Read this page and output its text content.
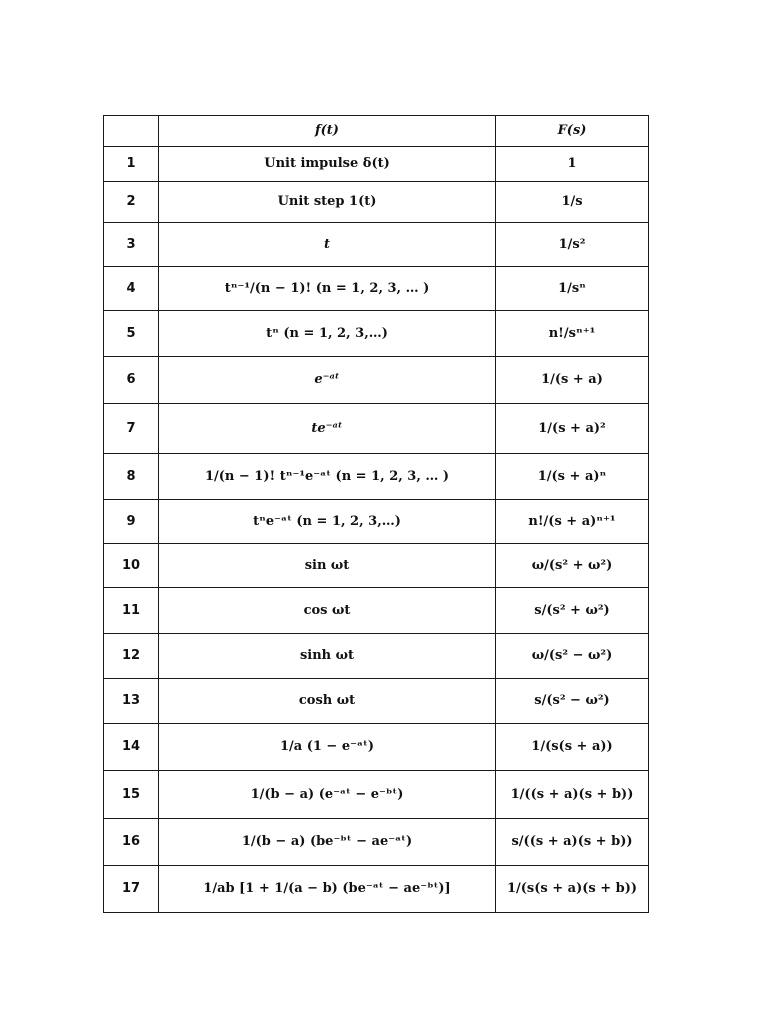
	f(t)	F(s)
1	Unit impulse δ(t)	1
2	Unit step 1(t)	1/s
3	t	1/s²
4	tⁿ⁻¹/(n − 1)! (n = 1, 2, 3, … )	1/sⁿ
5	tⁿ (n = 1, 2, 3,…)	n!/sⁿ⁺¹
6	e⁻ᵃᵗ	1/(s + a)
7	te⁻ᵃᵗ	1/(s + a)²
8	1/(n − 1)! tⁿ⁻¹e⁻ᵃᵗ (n = 1, 2, 3, … )	1/(s + a)ⁿ
9	tⁿe⁻ᵃᵗ (n = 1, 2, 3,…)	n!/(s + a)ⁿ⁺¹
10	sin ωt	ω/(s² + ω²)
11	cos ωt	s/(s² + ω²)
12	sinh ωt	ω/(s² − ω²)
13	cosh ωt	s/(s² − ω²)
14	1/a (1 − e⁻ᵃᵗ)	1/(s(s + a))
15	1/(b − a) (e⁻ᵃᵗ − e⁻ᵇᵗ)	1/((s + a)(s + b))
16	1/(b − a) (be⁻ᵇᵗ − ae⁻ᵃᵗ)	s/((s + a)(s + b))
17	1/ab [1 + 1/(a − b) (be⁻ᵃᵗ − ae⁻ᵇᵗ)]	1/(s(s + a)(s + b))
